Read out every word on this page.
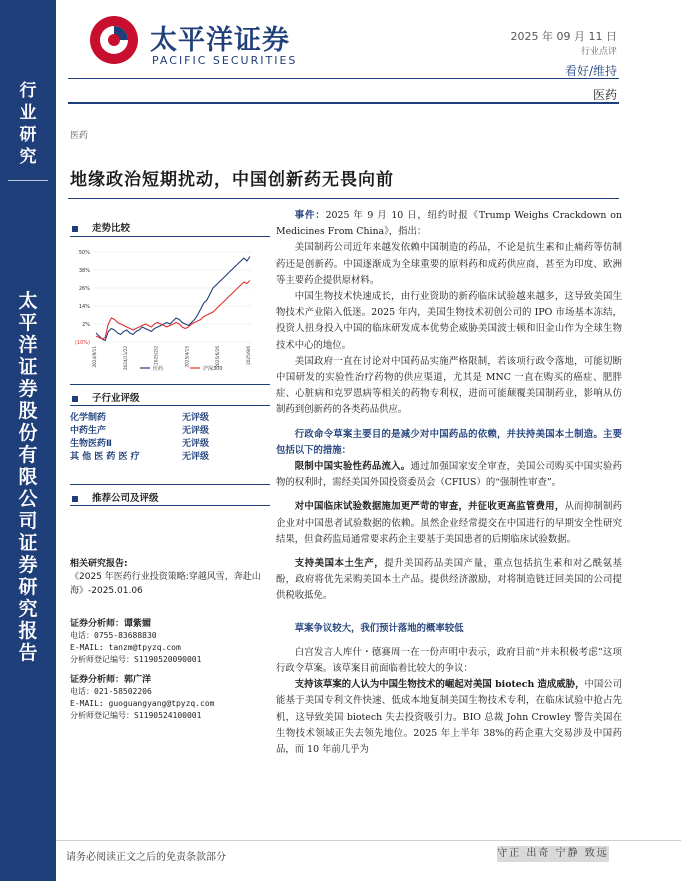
行业研究
太平洋证券股份有限公司证券研究报告
太平洋证券
PACIFIC SECURITIES
2025 年 09 月 11 日
行业点评
看好/维持
医药
医药
地缘政治短期扰动，中国创新药无畏向前
走势比较
50%
38%
26%
14%
2%
(10%)
2024/9/11	2024/11/22	2025/2/2	2025/4/15	2025/6/26	2025/9/6
医药	沪深300
子行业评级
化学制药	无评级
中药生产	无评级
生物医药Ⅱ	无评级
其 他 医 药 医 疗	无评级
推荐公司及评级
相关研究报告:
《2025 年医药行业投资策略:穿越风雪，奔赴山海》-2025.01.06
证券分析师：谭紫媚
电话：0755-83688830
E-MAIL: tanzm@tpyzq.com
分析师登记编号：S1190520090001
证券分析师：郭广洋
电话：021-58502206
E-MAIL: guoguangyang@tpyzq.com
分析师登记编号：S1190524100001

事件：2025 年 9 月 10 日，纽约时报《Trump Weighs Crackdown on Medicines From China》，指出：

美国制药公司近年来越发依赖中国制造的药品，不论是抗生素和止痛药等仿制药还是创新药。中国逐渐成为全球重要的原料药和成药供应商，甚至为印度、欧洲等主要药企提供原材料。

中国生物技术快速成长，由行业资助的新药临床试验越来越多，这导致美国生物技术产业陷入低迷。2025 年内，美国生物技术初创公司的 IPO 市场基本冻结，投资人扭身投入中国的临床研发成本优势企威胁美国波士顿和旧金山作为全球生物技术中心的地位。

美国政府一直在讨论对中国药品实施严格限制，若该项行政令落地，可能切断中国研发的实验性治疗药物的供应渠道，尤其是 MNC 一直在购买的癌症、肥胖症、心脏病和克罗恩病等相关的药物专利权，进而可能颠覆美国制药业，影响从仿制药到创新药的各类药品供应。

行政命令草案主要目的是减少对中国药品的依赖，并扶持美国本土制造。主要包括以下的措施：

限制中国实验性药品流入。通过加强国家安全审查，美国公司购买中国实验药物的权利时，需经美国外国投资委员会（CFIUS）的“强制性审查”。

对中国临床试验数据施加更严苛的审查，并征收更高监管费用，从而抑制制药企业对中国患者试验数据的依赖。虽然企业经常提交在中国进行的早期安全性研究结果，但食药监局通常要求药企主要基于美国患者的后期临床试验数据。

支持美国本土生产，提升美国药品美国产量，重点包括抗生素和对乙酰氨基酚，政府将优先采购美国本土产品。提供经济激励，对将制造链迁回美国的公司提供税收抵免。

草案争议较大，我们预计落地的概率较低

白宫发言人库什・德赛周一在一份声明中表示，政府目前“并未积极考虑”这项行政令草案。该草案目前面临着比较大的争议：

支持该草案的人认为中国生物技术的崛起对美国 biotech 造成威胁，中国公司能基于美国专利文件快速、低成本地复制美国生物技术专利，在临床试验中抢占先机，这导致美国 biotech 失去投资吸引力。BIO 总裁 John Crowley 警告美国在生物技术领域正失去领先地位。2025 年上半年 38%的药企重大交易涉及中国药品，而 10 年前几乎为

请务必阅读正文之后的免责条款部分	守正 出奇 宁静 致远
